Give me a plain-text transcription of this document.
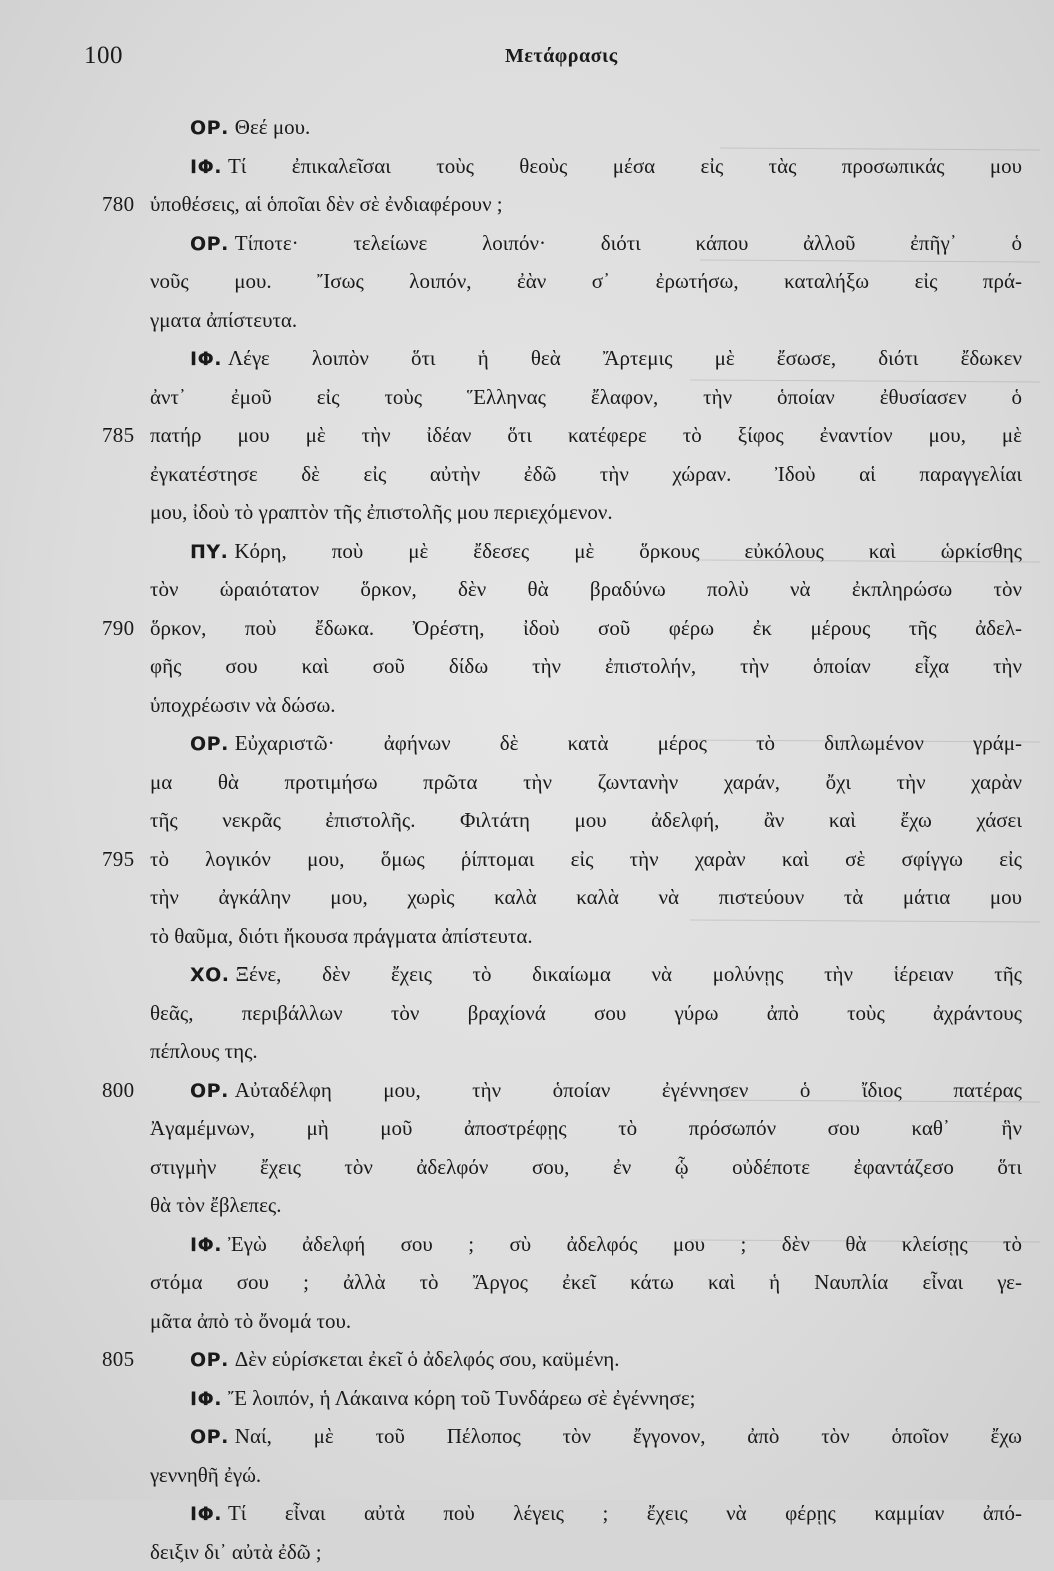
100	Μετάφρασις
ΟΡ. Θεέ μου.
ΙΦ. Τί ἐπικαλεῖσαι τοὺς θεοὺς μέσα εἰς τὰς προσωπικάς μου
780 ὑποθέσεις, αἱ ὁποῖαι δὲν σὲ ἐνδιαφέρουν ;
ΟΡ. Τίποτε· τελείωνε λοιπόν· διότι κάπου ἀλλοῦ ἐπῆγ᾽ ὁ
νοῦς μου. Ἴσως λοιπόν, ἐὰν σ᾽ ἐρωτήσω, καταλήξω εἰς πρά-
γματα ἀπίστευτα.
ΙΦ. Λέγε λοιπὸν ὅτι ἡ θεὰ Ἄρτεμις μὲ ἔσωσε, διότι ἔδωκεν
ἀντ᾽ ἐμοῦ εἰς τοὺς Ἕλληνας ἔλαφον, τὴν ὁποίαν ἐθυσίασεν ὁ
785 πατήρ μου μὲ τὴν ἰδέαν ὅτι κατέφερε τὸ ξίφος ἐναντίον μου, μὲ
ἐγκατέστησε δὲ εἰς αὐτὴν ἐδῶ τὴν χώραν. Ἰδοὺ αἱ παραγγελίαι
μου, ἰδοὺ τὸ γραπτὸν τῆς ἐπιστολῆς μου περιεχόμενον.
ΠΥ. Κόρη, ποὺ μὲ ἔδεσες μὲ ὅρκους εὐκόλους καὶ ὡρκίσθης
τὸν ὡραιότατον ὅρκον, δὲν θὰ βραδύνω πολὺ νὰ ἐκπληρώσω τὸν
790 ὅρκον, ποὺ ἔδωκα. Ὀρέστη, ἰδοὺ σοῦ φέρω ἐκ μέρους τῆς ἀδελ-
φῆς σου καὶ σοῦ δίδω τὴν ἐπιστολήν, τὴν ὁποίαν εἶχα τὴν
ὑποχρέωσιν νὰ δώσω.
ΟΡ. Εὐχαριστῶ· ἀφήνων δὲ κατὰ μέρος τὸ διπλωμένον γράμ-
μα θὰ προτιμήσω πρῶτα τὴν ζωντανὴν χαράν, ὄχι τὴν χαρὰν
τῆς νεκρᾶς ἐπιστολῆς. Φιλτάτη μου ἀδελφή, ἂν καὶ ἔχω χάσει
795 τὸ λογικόν μου, ὅμως ῥίπτομαι εἰς τὴν χαρὰν καὶ σὲ σφίγγω εἰς
τὴν ἀγκάλην μου, χωρὶς καλὰ καλὰ νὰ πιστεύουν τὰ μάτια μου
τὸ θαῦμα, διότι ἤκουσα πράγματα ἀπίστευτα.
ΧΟ. Ξένε, δὲν ἔχεις τὸ δικαίωμα νὰ μολύνῃς τὴν ἱέρειαν τῆς
θεᾶς, περιβάλλων τὸν βραχίονά σου γύρω ἀπὸ τοὺς ἀχράντους
πέπλους της.
800	ΟΡ. Αὐταδέλφη μου, τὴν ὁποίαν ἐγέννησεν ὁ ἴδιος πατέρας
Ἀγαμέμνων, μὴ μοῦ ἀποστρέφῃς τὸ πρόσωπόν σου καθ᾽ ἣν
στιγμὴν ἔχεις τὸν ἀδελφόν σου, ἐν ᾧ οὐδέποτε ἐφαντάζεσο ὅτι
θὰ τὸν ἔβλεπες.
ΙΦ. Ἐγὼ ἀδελφή σου ; σὺ ἀδελφός μου ; δὲν θὰ κλείσῃς τὸ
στόμα σου ; ἀλλὰ τὸ Ἄργος ἐκεῖ κάτω καὶ ἡ Ναυπλία εἶναι γε-
μᾶτα ἀπὸ τὸ ὄνομά του.
805	ΟΡ. Δὲν εὑρίσκεται ἐκεῖ ὁ ἀδελφός σου, καϋμένη.
ΙΦ. Ἔ λοιπόν, ἡ Λάκαινα κόρη τοῦ Τυνδάρεω σὲ ἐγέννησε;
ΟΡ. Ναί, μὲ τοῦ Πέλοπος τὸν ἔγγονον, ἀπὸ τὸν ὁποῖον ἔχω
γεννηθῆ ἐγώ.
ΙΦ. Τί εἶναι αὐτὰ ποὺ λέγεις ; ἔχεις νὰ φέρῃς καμμίαν ἀπό-
δειξιν δι᾽ αὐτὰ ἐδῶ ;
